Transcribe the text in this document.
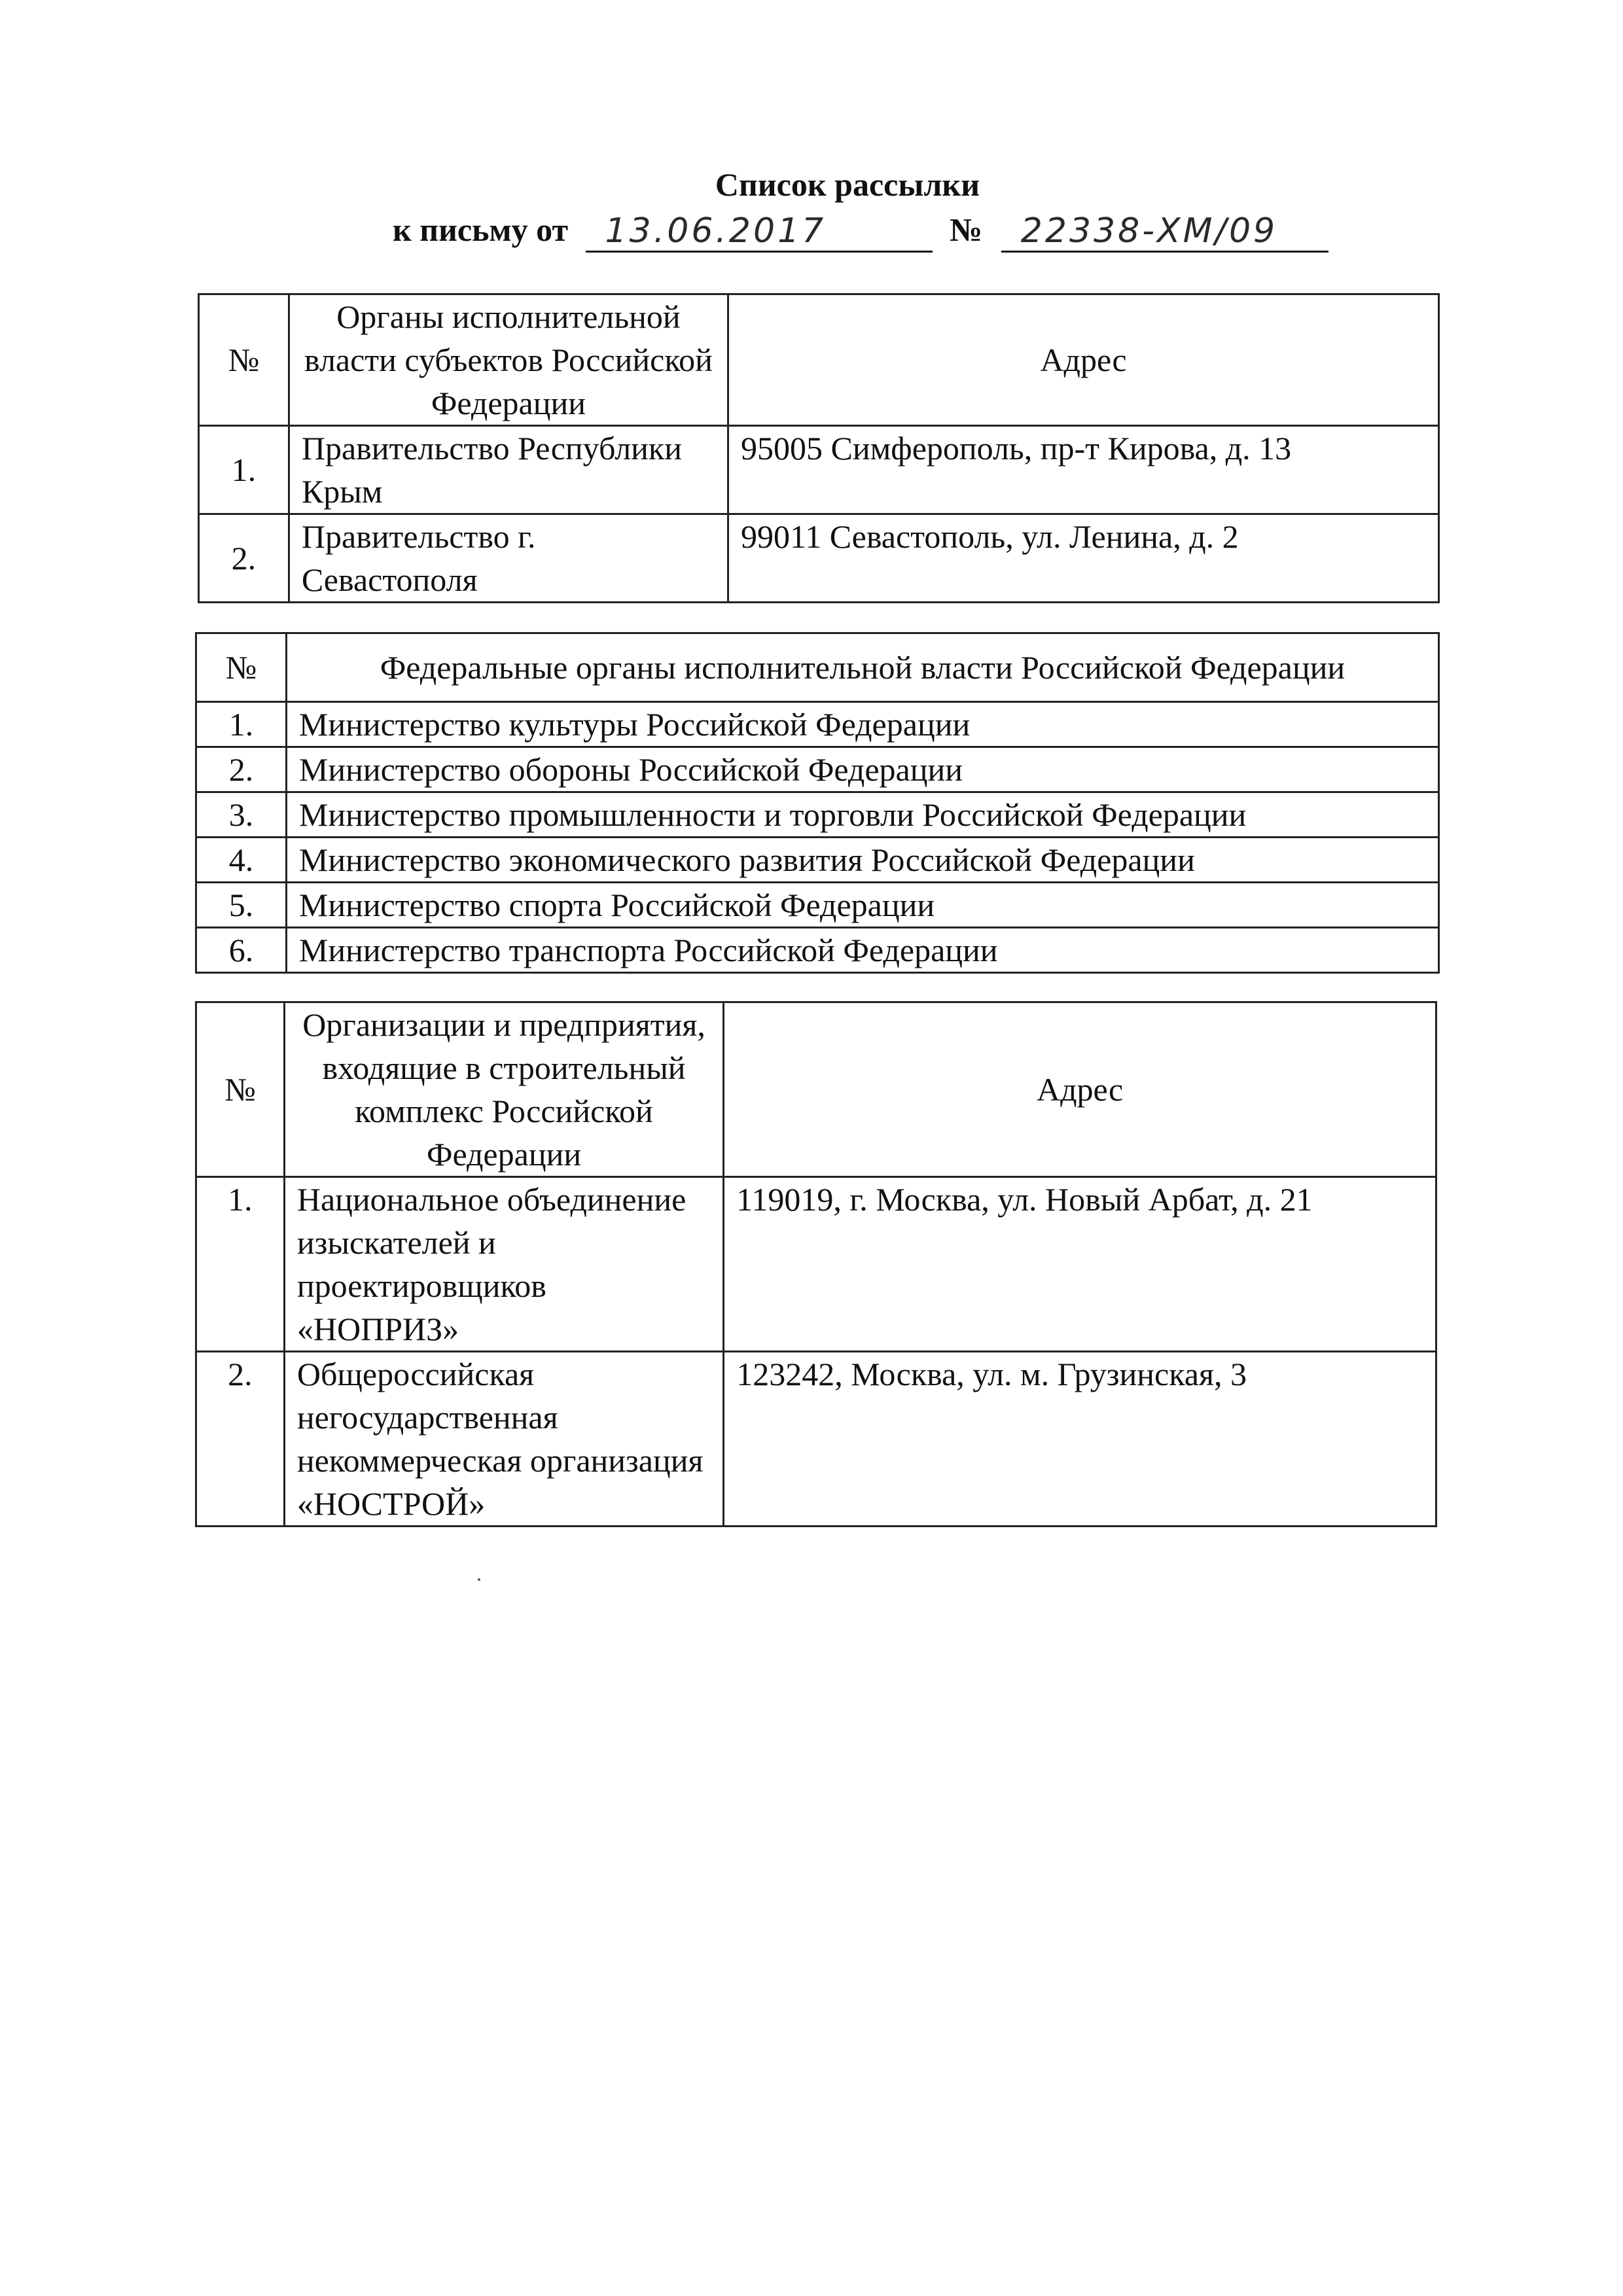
Список рассылки
к письму от 13.06.2017	№ 22338-ХМ/09
№	Органы исполнительной власти субъектов Российской Федерации	Адрес
1.	Правительство Республики Крым	95005 Симферополь, пр-т Кирова, д. 13
2.	Правительство г. Севастополя	99011 Севастополь, ул. Ленина, д. 2
№	Федеральные органы исполнительной власти Российской Федерации
1.	Министерство культуры Российской Федерации
2.	Министерство обороны Российской Федерации
3.	Министерство промышленности и торговли Российской Федерации
4.	Министерство экономического развития Российской Федерации
5.	Министерство спорта Российской Федерации
6.	Министерство транспорта Российской Федерации
№	Организации и предприятия, входящие в строительный комплекс Российской Федерации	Адрес
1.	Национальное объединение изыскателей и проектировщиков «НОПРИЗ»	119019, г. Москва, ул. Новый Арбат, д. 21
2.	Общероссийская негосударственная некоммерческая организация «НОСТРОЙ»	123242, Москва, ул. м. Грузинская, 3
